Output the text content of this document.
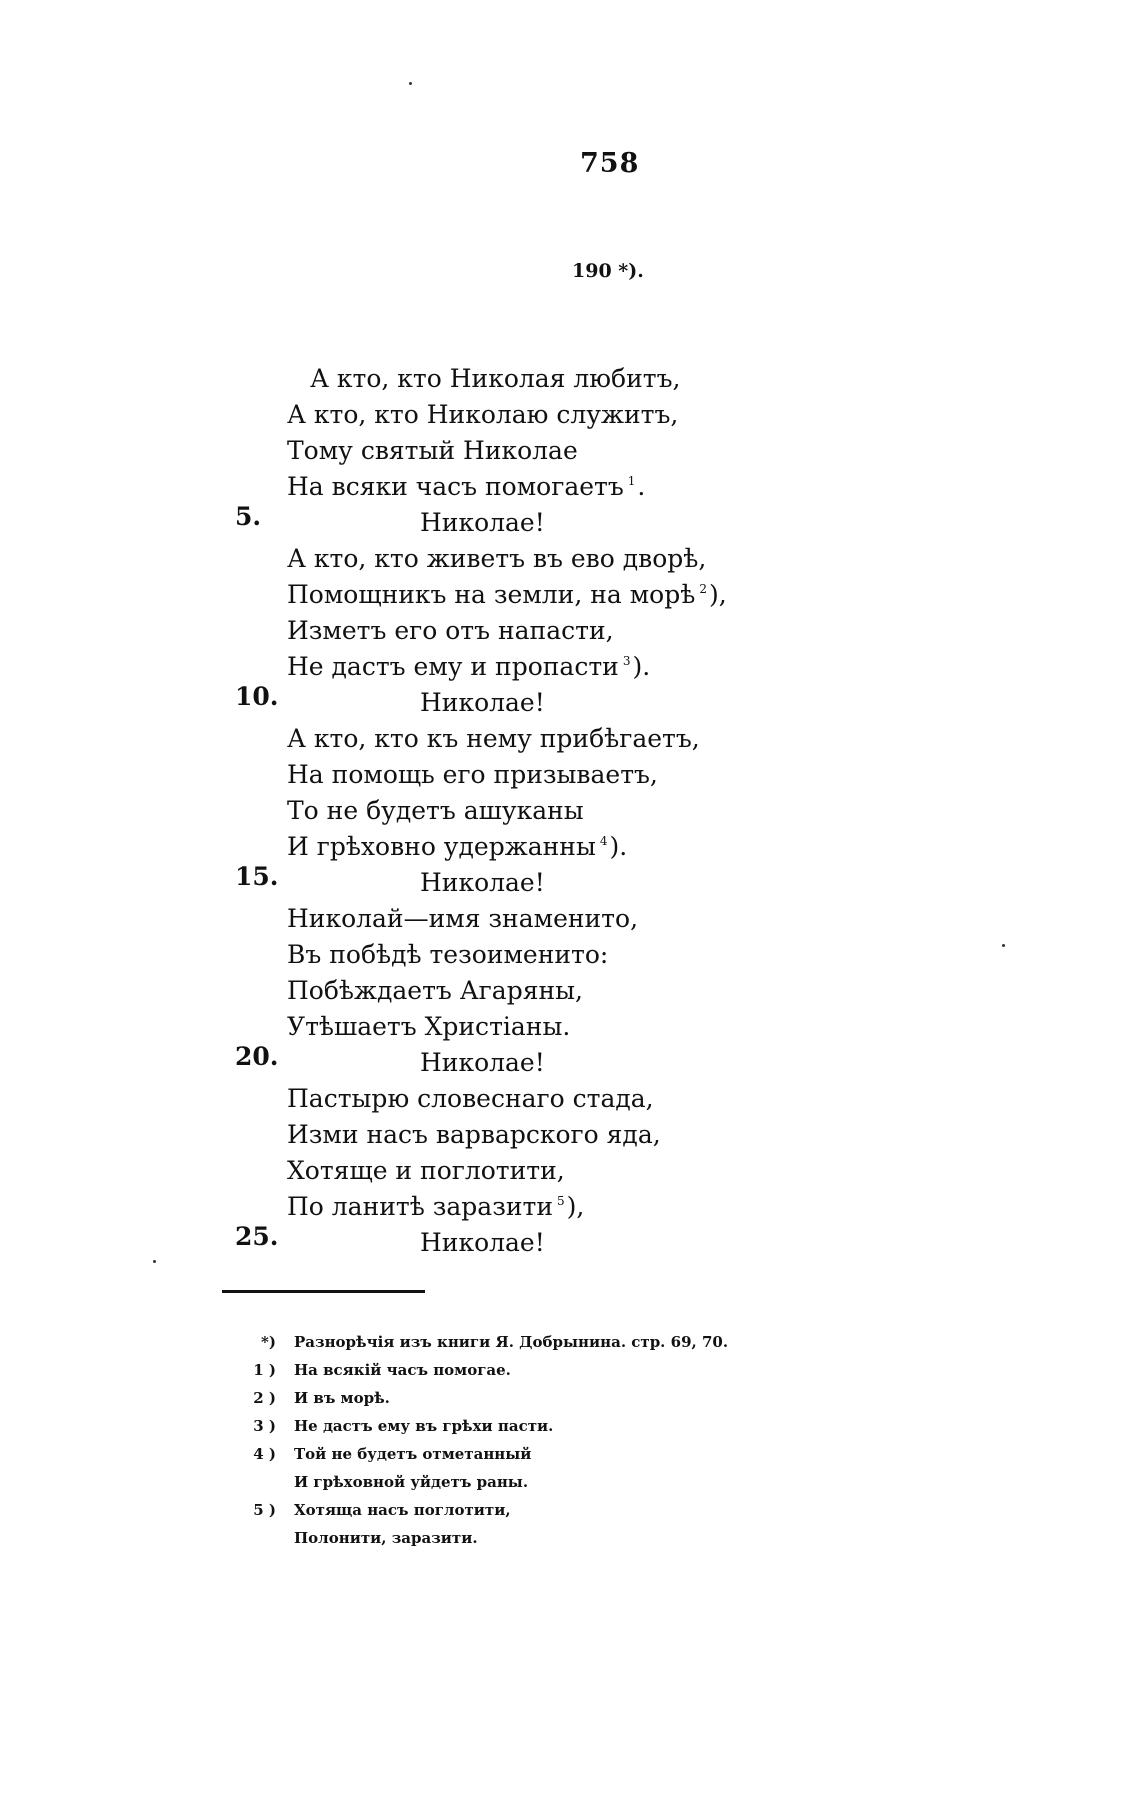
758
190 *).
А кто, кто Николая любитъ,
А кто, кто Николаю служитъ,
Тому святый Николае
На всяки часъ помогаетъ $^1$.
5.	Николае!
А кто, кто живетъ въ ево дворѣ,
Помощникъ на земли, на морѣ $^2$),
Изметъ его отъ напасти,
Не дастъ ему и пропасти $^3$).
10.	Николае!
А кто, кто къ нему прибѣгаетъ,
На помощь его призываетъ,
То не будетъ ашуканы
И грѣховно удержанны $^4$).
15.	Николае!
Николай—имя знаменито,
Въ побѣдѣ тезоименито:
Побѣждаетъ Агаряны,
Утѣшаетъ Христіаны.
20.	Николае!
Пастырю словеснаго стада,
Изми насъ варварского яда,
Хотяще и поглотити,
По ланитѣ заразити $^5$),
25.	Николае!
*) Разнорѣчія изъ книги Я. Добрынина. стр. 69, 70.
1 ) На всякій часъ помогае.
2 ) И въ морѣ.
3 ) Не дастъ ему въ грѣхи пасти.
4 ) Той не будетъ отметанный
И грѣховной уйдетъ раны.
5 ) Хотяща насъ поглотити,
Полонити, заразити.
